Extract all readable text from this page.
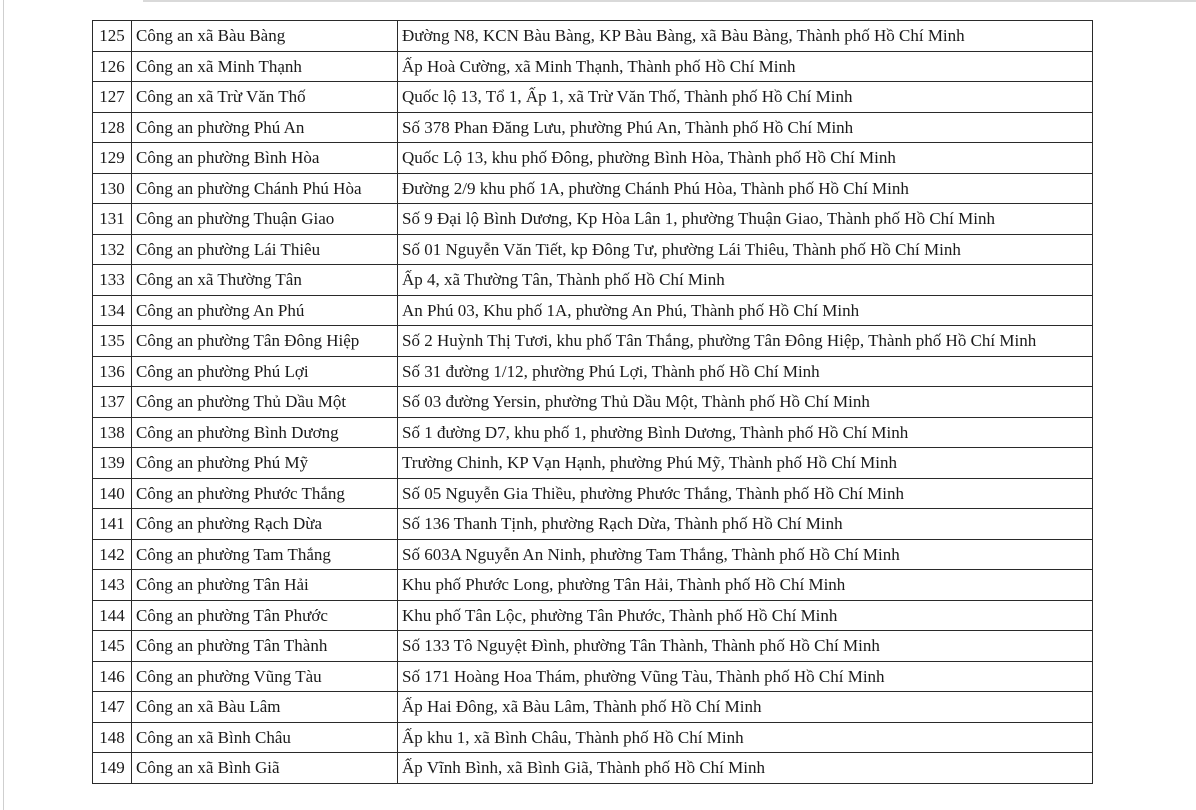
125	Công an xã Bàu Bàng	Đường N8, KCN Bàu Bàng, KP Bàu Bàng, xã Bàu Bàng, Thành phố Hồ Chí Minh
126	Công an xã Minh Thạnh	Ấp Hoà Cường, xã Minh Thạnh, Thành phố Hồ Chí Minh
127	Công an xã Trừ Văn Thố	Quốc lộ 13, Tổ 1, Ấp 1, xã Trừ Văn Thố, Thành phố Hồ Chí Minh
128	Công an phường Phú An	Số 378 Phan Đăng Lưu, phường Phú An, Thành phố Hồ Chí Minh
129	Công an phường Bình Hòa	Quốc Lộ 13, khu phố Đông, phường Bình Hòa, Thành phố Hồ Chí Minh
130	Công an phường Chánh Phú Hòa	Đường 2/9 khu phố 1A, phường Chánh Phú Hòa, Thành phố Hồ Chí Minh
131	Công an phường Thuận Giao	Số 9 Đại lộ Bình Dương, Kp Hòa Lân 1, phường Thuận Giao, Thành phố Hồ Chí Minh
132	Công an phường Lái Thiêu	Số 01 Nguyễn Văn Tiết, kp Đông Tư, phường Lái Thiêu, Thành phố Hồ Chí Minh
133	Công an xã Thường Tân	Ấp 4, xã Thường Tân, Thành phố Hồ Chí Minh
134	Công an phường An Phú	An Phú 03, Khu phố 1A, phường An Phú, Thành phố Hồ Chí Minh
135	Công an phường Tân Đông Hiệp	Số 2 Huỳnh Thị Tươi, khu phố Tân Thắng, phường Tân Đông Hiệp, Thành phố Hồ Chí Minh
136	Công an phường Phú Lợi	Số 31 đường 1/12, phường Phú Lợi, Thành phố Hồ Chí Minh
137	Công an phường Thủ Dầu Một	Số 03 đường Yersin, phường Thủ Dầu Một, Thành phố Hồ Chí Minh
138	Công an phường Bình Dương	Số 1 đường D7, khu phố 1, phường Bình Dương, Thành phố Hồ Chí Minh
139	Công an phường Phú Mỹ	Trường Chinh, KP Vạn Hạnh, phường Phú Mỹ, Thành phố Hồ Chí Minh
140	Công an phường Phước Thắng	Số 05 Nguyễn Gia Thiều, phường Phước Thắng, Thành phố Hồ Chí Minh
141	Công an phường Rạch Dừa	Số 136 Thanh Tịnh, phường Rạch Dừa, Thành phố Hồ Chí Minh
142	Công an phường Tam Thắng	Số 603A Nguyễn An Ninh, phường Tam Thắng, Thành phố Hồ Chí Minh
143	Công an phường Tân Hải	Khu phố Phước Long, phường Tân Hải, Thành phố Hồ Chí Minh
144	Công an phường Tân Phước	Khu phố Tân Lộc, phường Tân Phước, Thành phố Hồ Chí Minh
145	Công an phường Tân Thành	Số 133 Tô Nguyệt Đình, phường Tân Thành, Thành phố Hồ Chí Minh
146	Công an phường Vũng Tàu	Số 171 Hoàng Hoa Thám, phường Vũng Tàu, Thành phố Hồ Chí Minh
147	Công an xã Bàu Lâm	Ấp Hai Đông, xã Bàu Lâm, Thành phố Hồ Chí Minh
148	Công an xã Bình Châu	Ấp khu 1, xã Bình Châu, Thành phố Hồ Chí Minh
149	Công an xã Bình Giã	Ấp Vĩnh Bình, xã Bình Giã, Thành phố Hồ Chí Minh
